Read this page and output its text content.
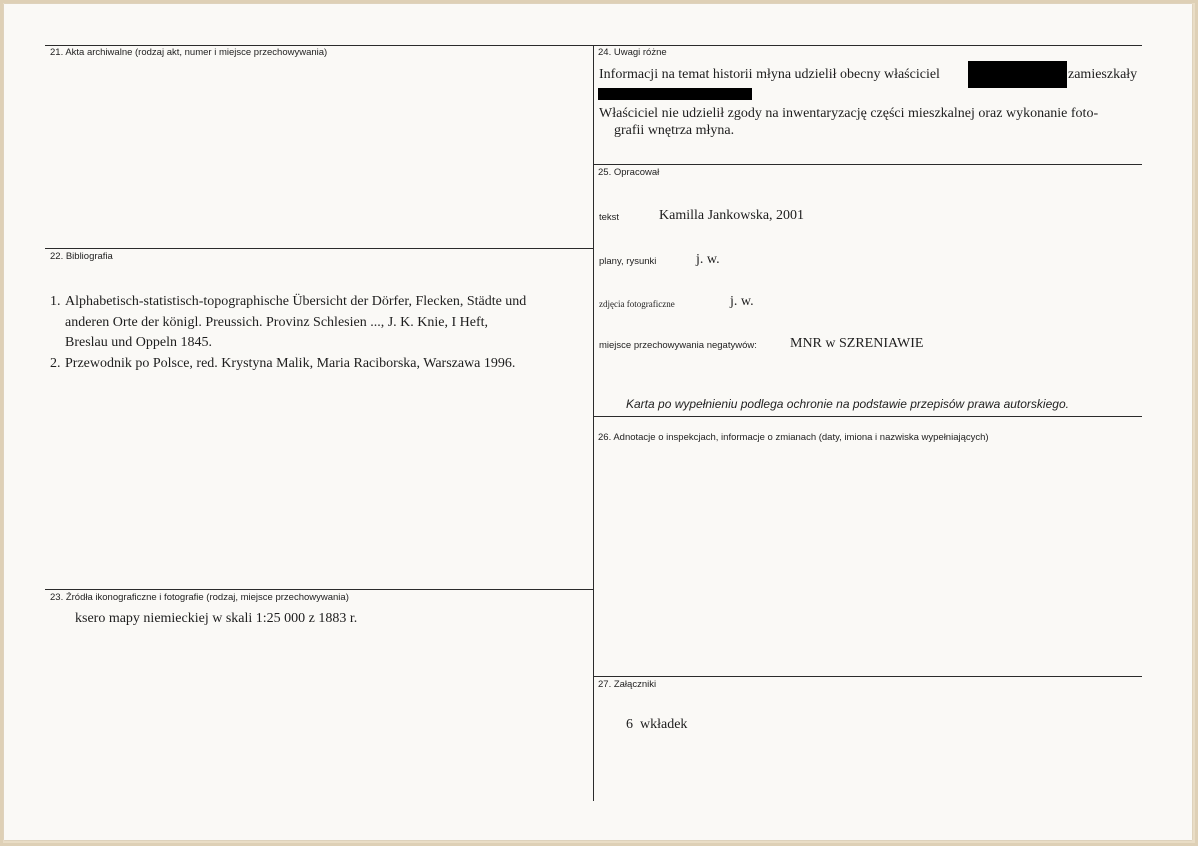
21. Akta archiwalne (rodzaj akt, numer i miejsce przechowywania)
22. Bibliografia
1. Alphabetisch-statistisch-topographische Übersicht der Dörfer, Flecken, Städte und
anderen Orte der königl. Preussich. Provinz Schlesien ..., J. K. Knie, I Heft,
Breslau und Oppeln 1845.
2. Przewodnik po Polsce, red. Krystyna Malik, Maria Raciborska, Warszawa 1996.
23. Źródła ikonograficzne i fotografie (rodzaj, miejsce przechowywania)
ksero mapy niemieckiej w skali 1:25 000 z 1883 r.
24. Uwagi różne
Informacji na temat historii młyna udzielił obecny właściciel	zamieszkały
Właściciel nie udzielił zgody na inwentaryzację części mieszkalnej oraz wykonanie foto-
grafii wnętrza młyna.
25. Opracował
tekst	Kamilla Jankowska, 2001
plany, rysunki	j. w.
zdjęcia fotograficzne	j. w.
miejsce przechowywania negatywów: MNR w SZRENIAWIE
Karta po wypełnieniu podlega ochronie na podstawie przepisów prawa autorskiego.
26. Adnotacje o inspekcjach, informacje o zmianach (daty, imiona i nazwiska wypełniających)
27. Załączniki
6  wkładek
